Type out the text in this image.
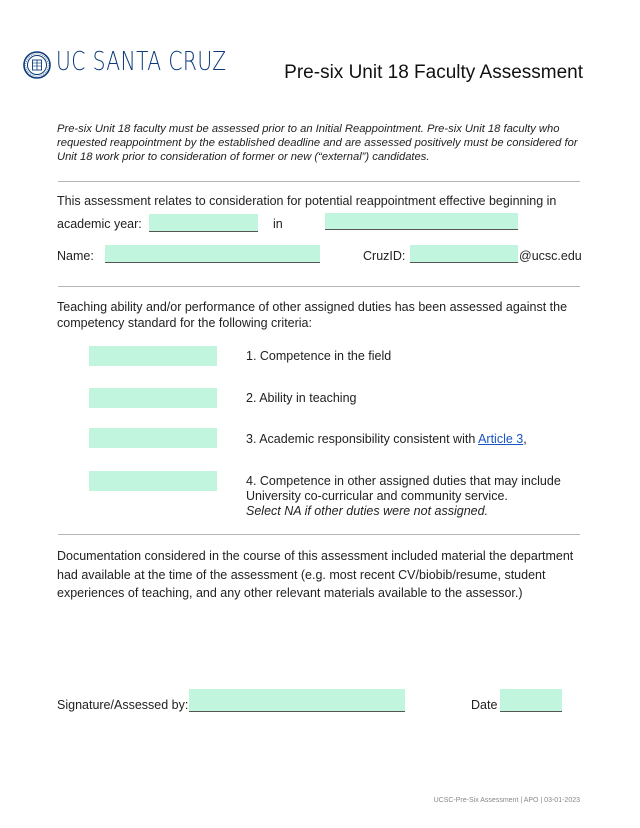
UC SANTA CRUZ	Pre-six Unit 18 Faculty Assessment
Pre-six Unit 18 faculty must be assessed prior to an Initial Reappointment. Pre-six Unit 18 faculty who requested reappointment by the established deadline and are assessed positively must be considered for Unit 18 work prior to consideration of former or new (“external”) candidates.
This assessment relates to consideration for potential reappointment effective beginning in
academic year:	in
Name:	CruzID:	@ucsc.edu
Teaching ability and/or performance of other assigned duties has been assessed against the competency standard for the following criteria:
1. Competence in the field
2. Ability in teaching
3. Academic responsibility consistent with Article 3,
4. Competence in other assigned duties that may include University co-curricular and community service.
Select NA if other duties were not assigned.
Documentation considered in the course of this assessment included material the department had available at the time of the assessment (e.g. most recent CV/biobib/resume, student experiences of teaching, and any other relevant materials available to the assessor.)
Signature/Assessed by:	Date
UCSC-Pre-Six Assessment | APO | 03-01-2023
